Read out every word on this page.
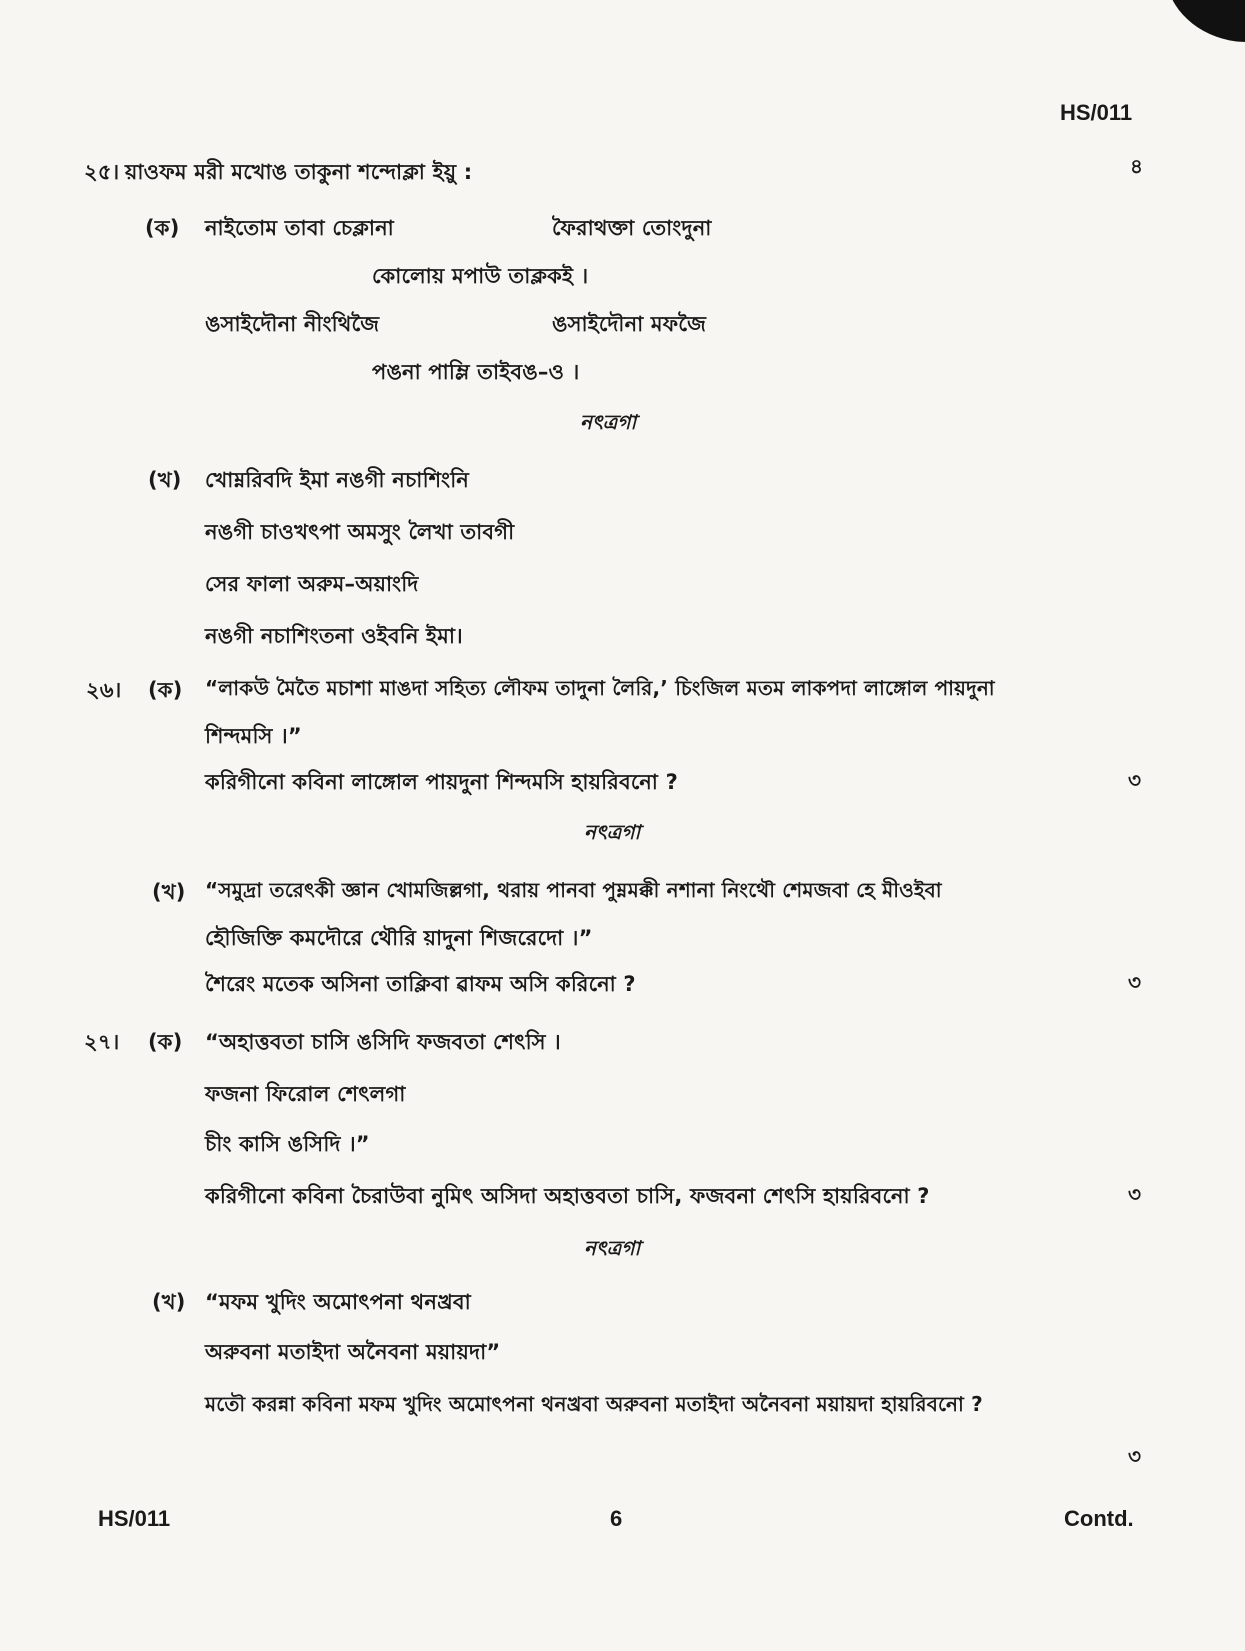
HS/011
২৫। য়াওফম মরী মখোঙ তাকুনা শন্দোক্লা ইয়ু :	৪
(ক) নাইতোম তাবা চেক্লানা	ফৈরাথক্তা তোংদুনা
কোলোয় মপাউ তাক্লকই ।
ঙসাইদৌনা নীংথিজৈ	ঙসাইদৌনা মফজৈ
পঙনা পাম্লি তাইবঙ–ও ।
নৎত্রগা
(খ) খোম্নরিবদি ইমা নঙগী নচাশিংনি
নঙগী চাওখৎপা অমসুং লৈখা তাবগী
সের ফালা অরুম–অয়াংদি
নঙগী নচাশিংতনা ওইবনি ইমা।
২৬। (ক) “লাকউ মৈতৈ মচাশা মাঙদা সহিত্য লৌফম তাদুনা লৈরি,’ চিংজিল মতম লাকপদা লাঙ্গোল পায়দুনা
শিন্দমসি ।”
করিগীনো কবিনা লাঙ্গোল পায়দুনা শিন্দমসি হায়রিবনো ?	৩
নৎত্রগা
(খ) “সমুদ্রা তরেৎকী জ্ঞান খোমজিল্লগা, থরায় পানবা পুম্নমক্কী নশানা নিংথৌ শেমজবা হে মীওইবা
হৌজিক্তি কমদৌরে থৌরি য়াদুনা শিজরেদো ।”
শৈরেং মতেক অসিনা তাক্লিবা ৱাফম অসি করিনো ?	৩
২৭। (ক) “অহাত্তবতা চাসি ঙসিদি ফজবতা শেৎসি ।
ফজনা ফিরোল শেৎলগা
চীং কাসি ঙসিদি ।”
করিগীনো কবিনা চৈরাউবা নুমিৎ অসিদা অহাত্তবতা চাসি, ফজবনা শেৎসি হায়রিবনো ?	৩
নৎত্রগা
(খ) “মফম খুদিং অমোৎপনা থনখ্রবা
অরুবনা মতাইদা অনৈবনা ময়ায়দা”
মতৌ করন্না কবিনা মফম খুদিং অমোৎপনা থনখ্রবা অরুবনা মতাইদা অনৈবনা ময়ায়দা হায়রিবনো ?
৩
HS/011	6	Contd.
